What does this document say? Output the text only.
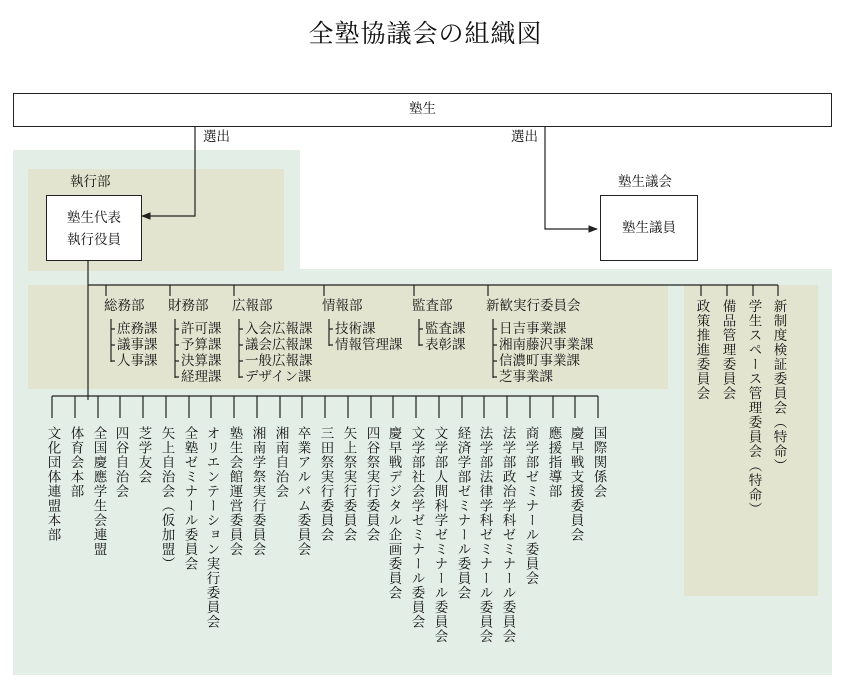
全塾協議会の組織図
塾生
選出	選出
執行部
塾生代表
執行役員
塾生議会
塾生議員
総務部
庶務課
議事課
人事課
財務部
許可課
予算課
決算課
経理課
広報部
入会広報課
議会広報課
一般広報課
デザイン課
情報部
技術課
情報管理課
監査部
監査課
表彰課
新歓実行委員会
日吉事業課
湘南藤沢事業課
信濃町事業課
芝事業課	政策推進委員会 備品管理委員会 学生スペース管理委員会（特命） 新制度検証委員会（特命）
文化団体連盟本部 体育会本部 全国慶應学生会連盟 四谷自治会 芝学友会 矢上自治会（仮加盟） 全塾ゼミナール委員会 オリエンテーション実行委員会 塾生会館運営委員会 湘南学祭実行委員会 湘南自治会 卒業アルバム委員会 三田祭実行委員会 矢上祭実行委員会 四谷祭実行委員会 慶早戦デジタル企画委員会 文学部社会学ゼミナール委員会 文学部人間科学ゼミナール委員会 経済学部ゼミナール委員会 法学部法律学科ゼミナール委員会 法学部政治学科ゼミナール委員会 商学部ゼミナール委員会 應援指導部 慶早戦支援委員会 国際関係会
